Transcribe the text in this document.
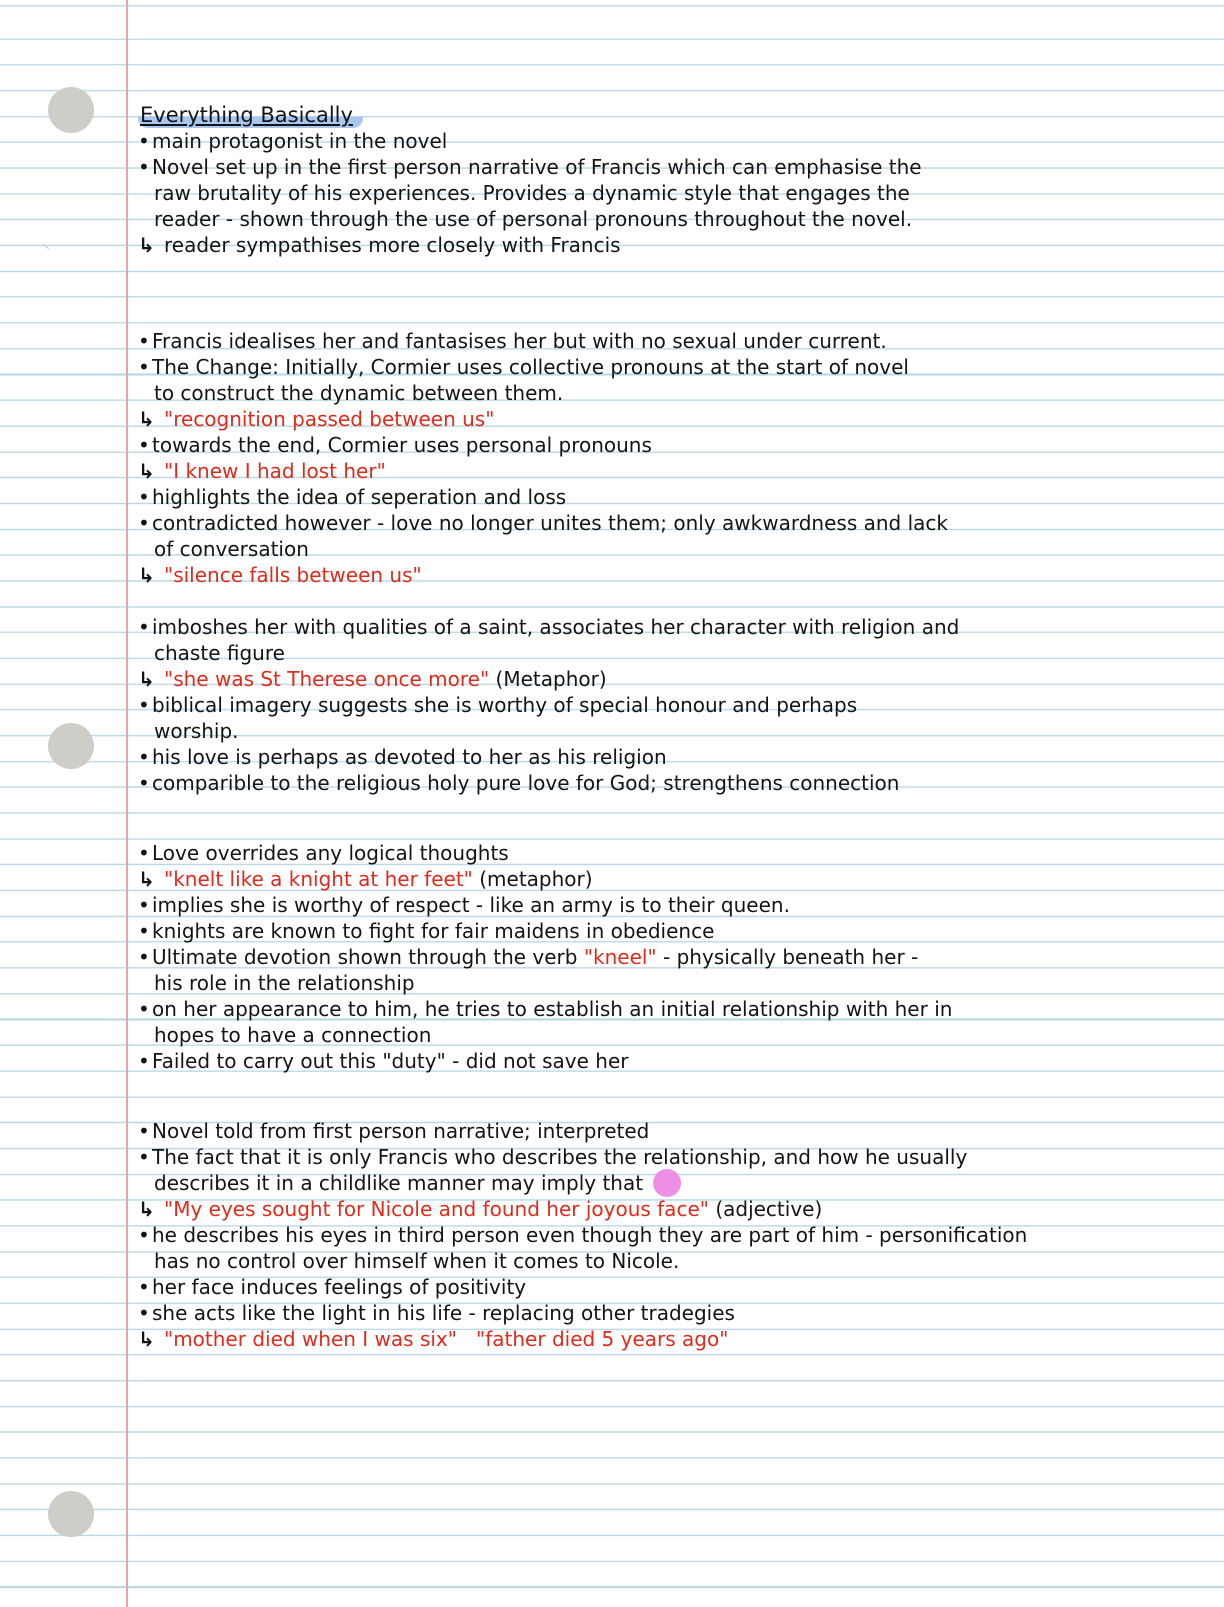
Everything Basically
• main protagonist in the novel
• Novel set up in the first person narrative of Francis which can emphasise the
raw brutality of his experiences. Provides a dynamic style that engages the
reader - shown through the use of personal pronouns throughout the novel.
↳ reader sympathises more closely with Francis
• Francis idealises her and fantasises her but with no sexual under current.
• The Change: Initially, Cormier uses collective pronouns at the start of novel
to construct the dynamic between them.
↳ "recognition passed between us"
• towards the end, Cormier uses personal pronouns
↳ "I knew I had lost her"
• highlights the idea of seperation and loss
• contradicted however - love no longer unites them; only awkwardness and lack
of conversation
↳ "silence falls between us"
• imboshes her with qualities of a saint, associates her character with religion and
chaste figure
↳ "she was St Therese once more" (Metaphor)
• biblical imagery suggests she is worthy of special honour and perhaps
worship.
• his love is perhaps as devoted to her as his religion
• comparible to the religious holy pure love for God; strengthens connection
• Love overrides any logical thoughts
↳ "knelt like a knight at her feet" (metaphor)
• implies she is worthy of respect - like an army is to their queen.
• knights are known to fight for fair maidens in obedience
• Ultimate devotion shown through the verb "kneel" - physically beneath her -
his role in the relationship
• on her appearance to him, he tries to establish an initial relationship with her in
hopes to have a connection
• Failed to carry out this "duty" - did not save her
• Novel told from first person narrative; interpreted
• The fact that it is only Francis who describes the relationship, and how he usually
describes it in a childlike manner may imply that
↳ "My eyes sought for Nicole and found her joyous face" (adjective)
• he describes his eyes in third person even though they are part of him - personification
has no control over himself when it comes to Nicole.
• her face induces feelings of positivity
• she acts like the light in his life - replacing other tradegies
↳ "mother died when I was six" "father died 5 years ago"
